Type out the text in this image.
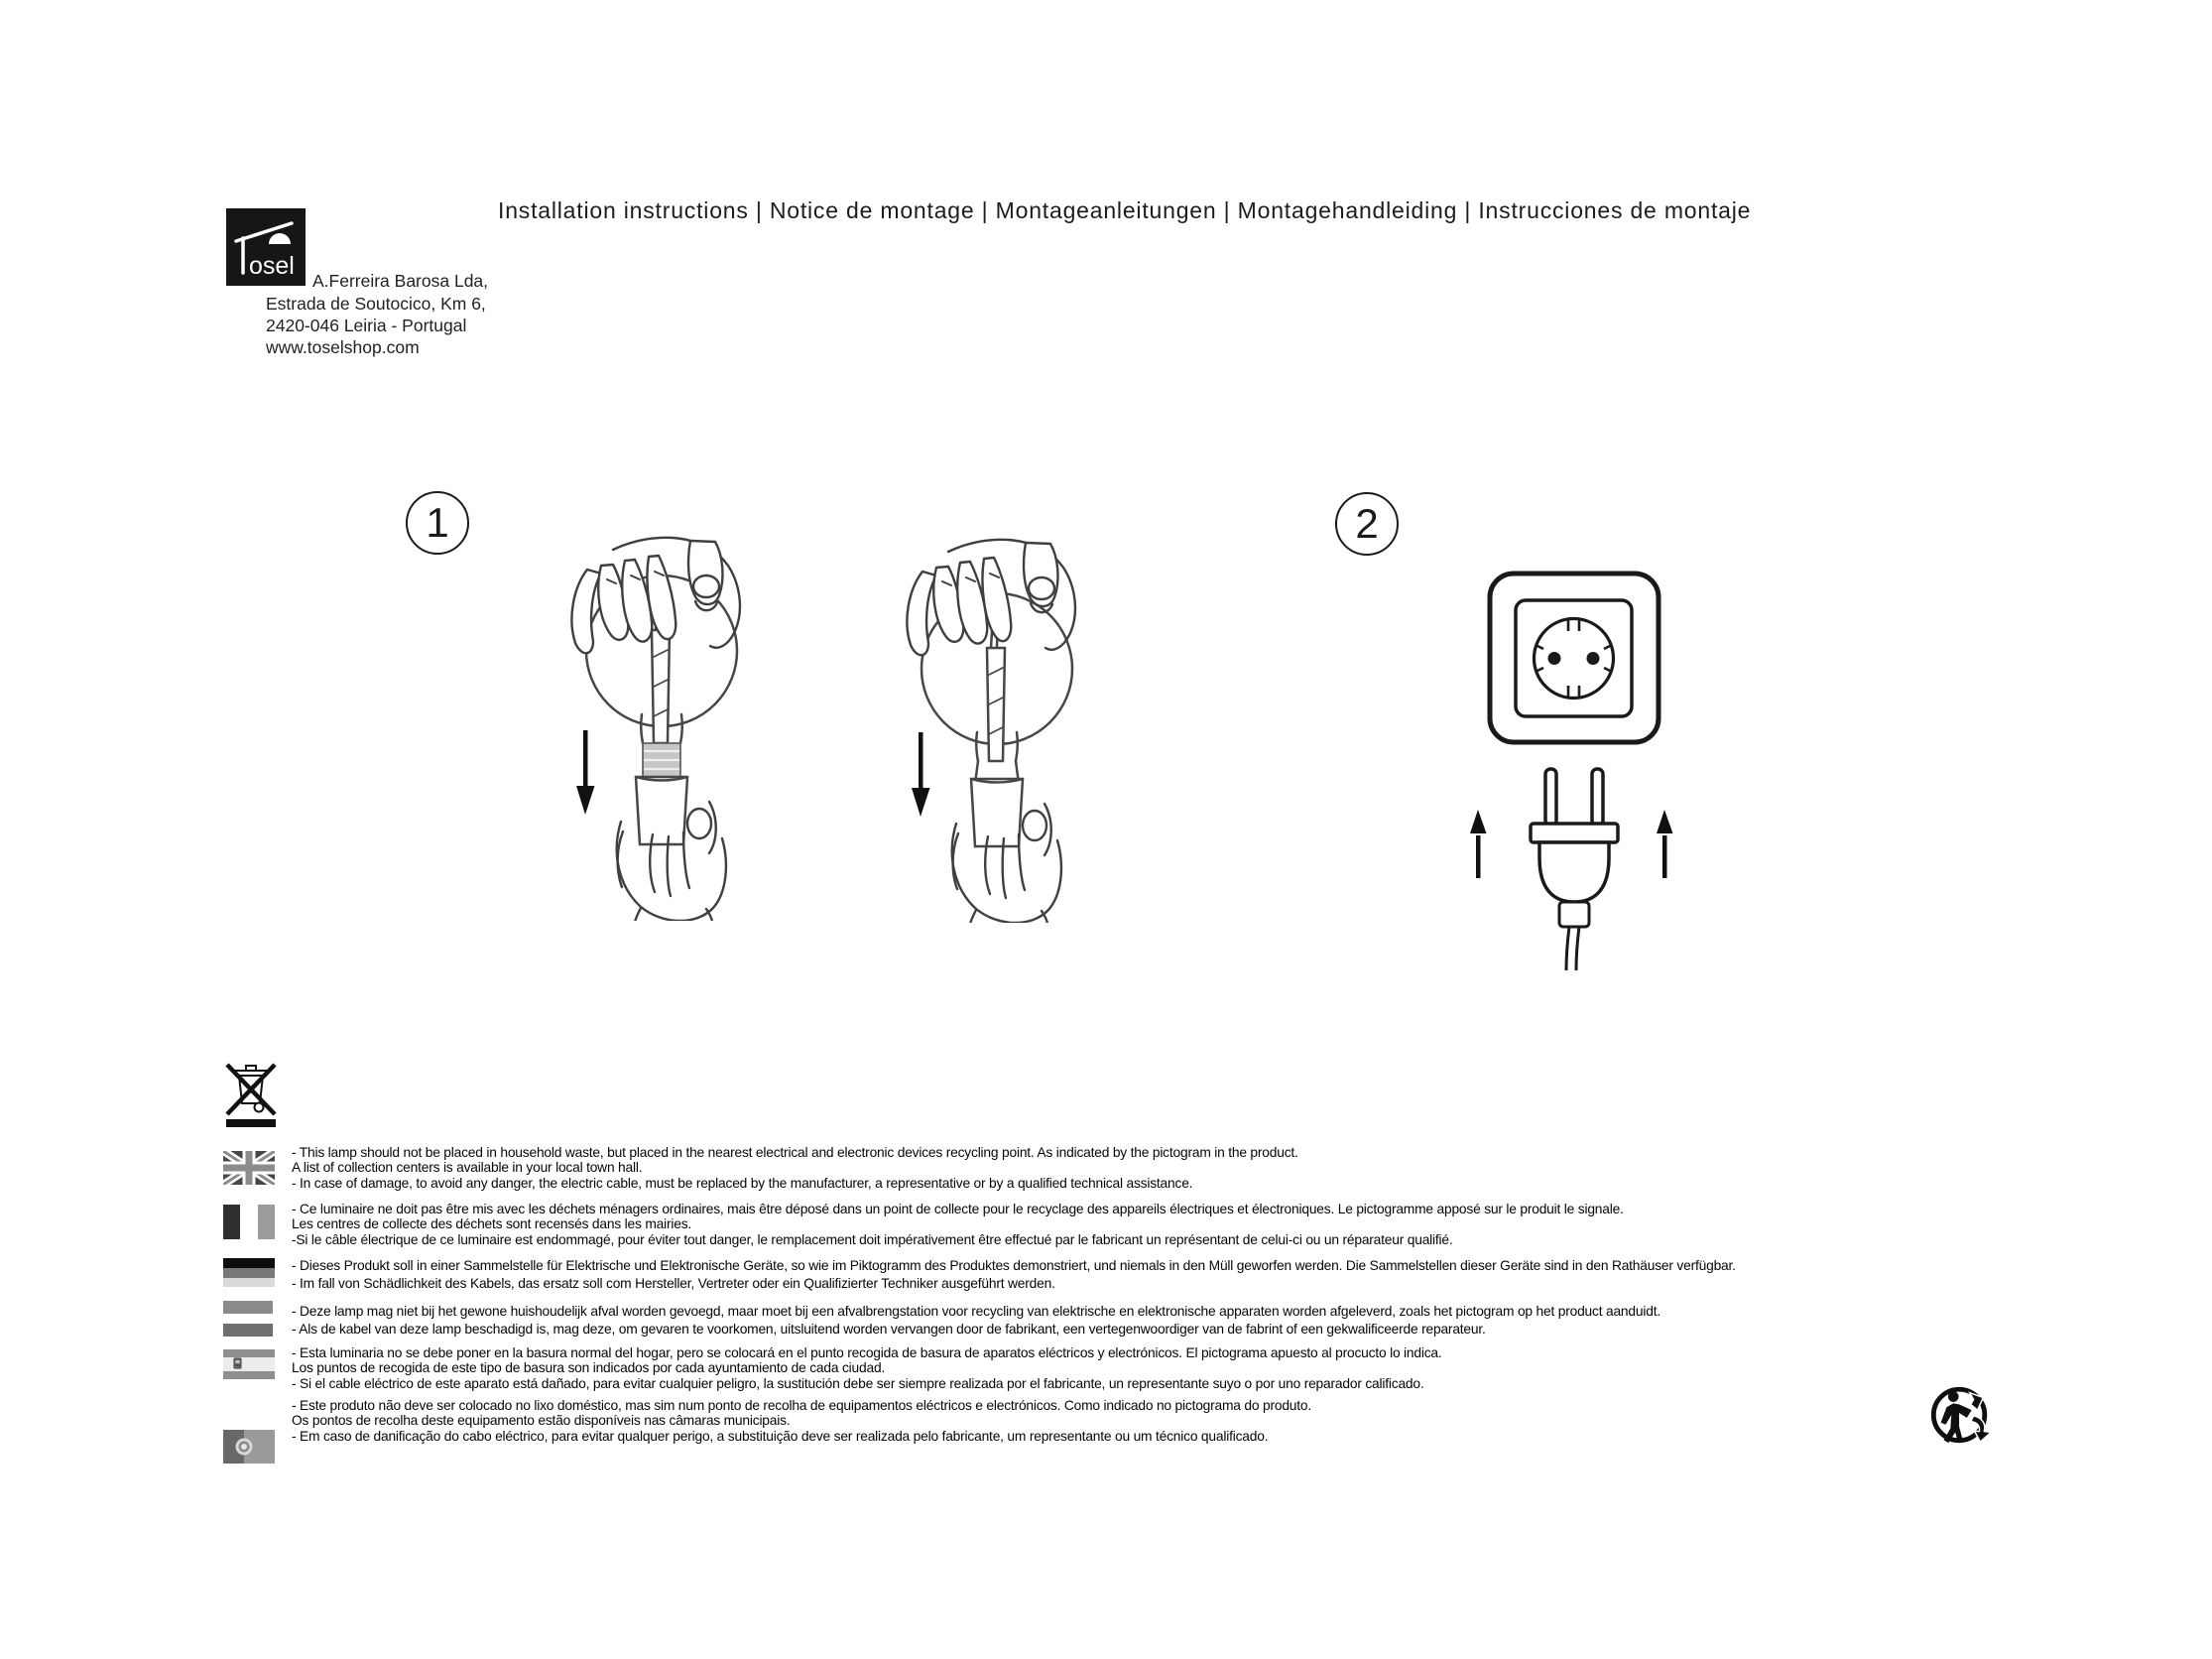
Installation instructions | Notice de montage | Montageanleitungen | Montagehandleiding | Instrucciones de montaje
osel
A.Ferreira Barosa Lda,
Estrada de Soutocico, Km 6,
2420-046 Leiria - Portugal
www.toselshop.com
1	2
- This lamp should not be placed in household waste, but placed in the nearest electrical and electronic devices recycling point. As indicated by the pictogram in the product.
A list of collection centers is available in your local town hall.
- In case of damage, to avoid any danger, the electric cable, must be replaced by the manufacturer, a representative or by a qualified technical assistance.
- Ce luminaire ne doit pas être mis avec les déchets ménagers ordinaires, mais être déposé dans un point de collecte pour le recyclage des appareils électriques et électroniques. Le pictogramme apposé sur le produit le signale.
Les centres de collecte des déchets sont recensés dans les mairies.
-Si le câble électrique de ce luminaire est endommagé, pour éviter tout danger, le remplacement doit impérativement être effectué par le fabricant un représentant de celui-ci ou un réparateur qualifié.
- Dieses Produkt soll in einer Sammelstelle für Elektrische und Elektronische Geräte, so wie im Piktogramm des Produktes demonstriert, und niemals in den Müll geworfen werden. Die Sammelstellen dieser Geräte sind in den Rathäuser verfügbar.
- Im fall von Schädlichkeit des Kabels, das ersatz soll com Hersteller, Vertreter oder ein Qualifizierter Techniker ausgeführt werden.
- Deze lamp mag niet bij het gewone huishoudelijk afval worden gevoegd, maar moet bij een afvalbrengstation voor recycling van elektrische en elektronische apparaten worden afgeleverd, zoals het pictogram op het product aanduidt.
- Als de kabel van deze lamp beschadigd is, mag deze, om gevaren te voorkomen, uitsluitend worden vervangen door de fabrikant, een vertegenwoordiger van de fabrint of een gekwalificeerde reparateur.
- Esta luminaria no se debe poner en la basura normal del hogar, pero se colocará en el punto recogida de basura de aparatos eléctricos y electrónicos. El pictograma apuesto al procucto lo indica.
Los puntos de recogida de este tipo de basura son indicados por cada ayuntamiento de cada ciudad.
- Si el cable eléctrico de este aparato está dañado, para evitar cualquier peligro, la sustitución debe ser siempre realizada por el fabricante, un representante suyo o por uno reparador calificado.
- Este produto não deve ser colocado no lixo doméstico, mas sim num ponto de recolha de equipamentos eléctricos e electrónicos. Como indicado no pictograma do produto.
Os pontos de recolha deste equipamento estão disponíveis nas câmaras municipais.
- Em caso de danificação do cabo eléctrico, para evitar qualquer perigo, a substituição deve ser realizada pelo fabricante, um representante ou um técnico qualificado.
